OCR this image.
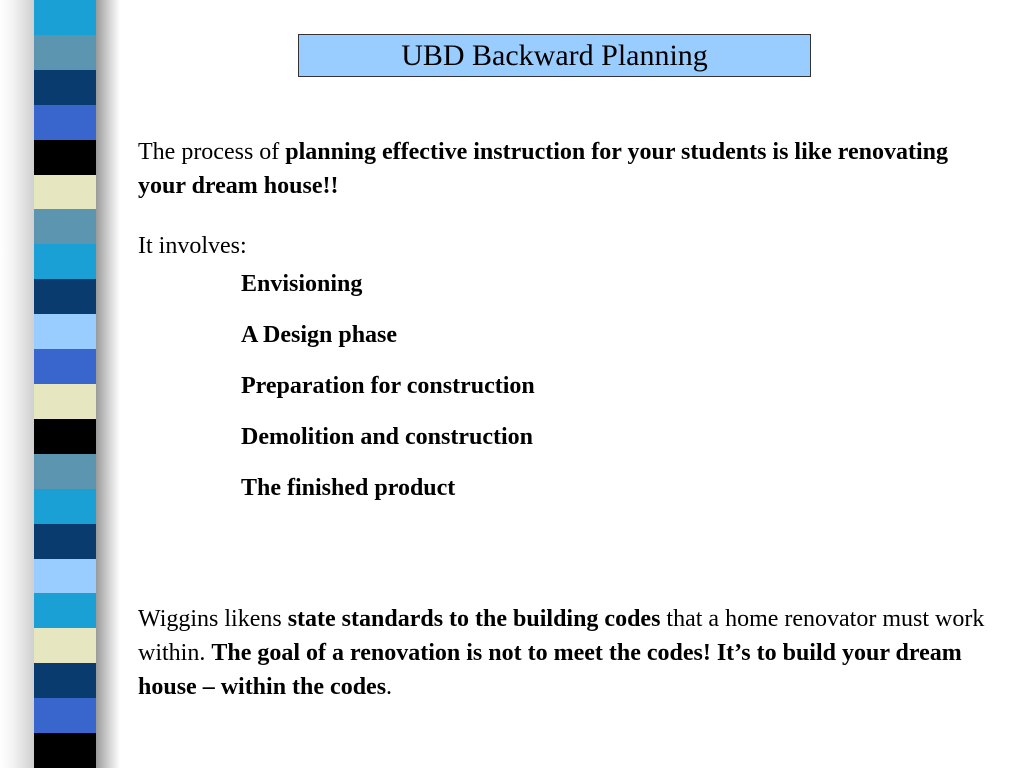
UBD Backward Planning

The process of planning effective instruction for your students is like renovating your dream house!!

It involves:

Envisioning
A Design phase
Preparation for construction
Demolition and construction
The finished product

Wiggins likens state standards to the building codes that a home renovator must work within. The goal of a renovation is not to meet the codes! It’s to build your dream house – within the codes.
